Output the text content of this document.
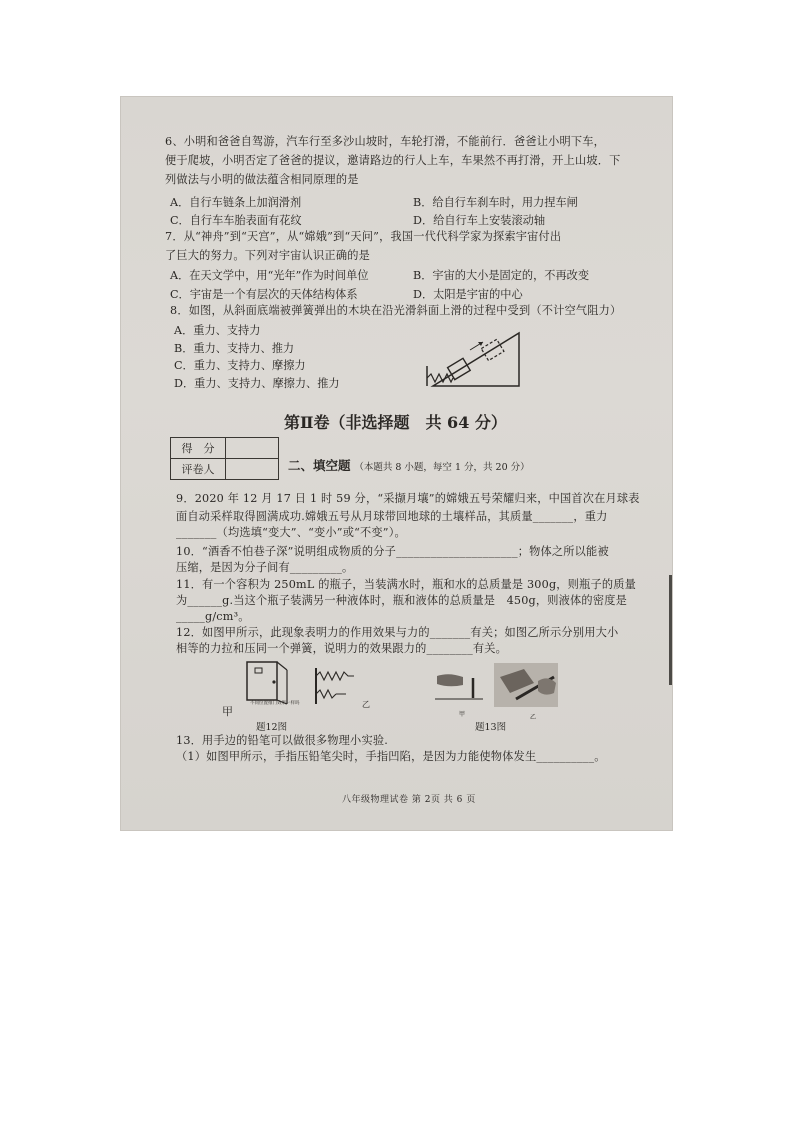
6、小明和爸爸自驾游，汽车行至多沙山坡时，车轮打滑，不能前行．爸爸让小明下车，
便于爬坡，小明否定了爸爸的提议，邀请路边的行人上车，车果然不再打滑，开上山坡．下
列做法与小明的做法蕴含相同原理的是
A．自行车链条上加润滑剂	B．给自行车刹车时，用力捏车闸
C．自行车车胎表面有花纹	D．给自行车上安装滚动轴
7．从“神舟”到“天宫”，从“嫦娥”到“天问”，我国一代代科学家为探索宇宙付出
了巨大的努力。下列对宇宙认识正确的是
A．在天文学中，用“光年”作为时间单位	B．宇宙的大小是固定的，不再改变
C．宇宙是一个有层次的天体结构体系	D．太阳是宇宙的中心
8．如图，从斜面底端被弹簧弹出的木块在沿光滑斜面上滑的过程中受到（不计空气阻力）
A．重力、支持力
B．重力、支持力、推力
C．重力、支持力、摩擦力
D．重力、支持力、摩擦力、推力
第Ⅱ卷（非选择题　共 64 分）
得　分	
评卷人		二、填空题 （本题共 8 小题，每空 1 分，共 20 分）
9．2020 年 12 月 17 日 1 时 59 分，“采撷月壤”的嫦娥五号荣耀归来，中国首次在月球表
面自动采样取得圆满成功.嫦娥五号从月球带回地球的土壤样品，其质量_______，重力
_______（均选填“变大”、“变小”或“不变”）。
10．“酒香不怕巷子深”说明组成物质的分子_____________________；物体之所以能被
压缩，是因为分子间有_________。
11．有一个容积为 250mL 的瓶子，当装满水时，瓶和水的总质量是 300g，则瓶子的质量
为______g.当这个瓶子装满另一种液体时，瓶和液体的总质量是　450g，则液体的密度是
_____g/cm³。
12．如图甲所示，此现象表明力的作用效果与力的_______有关；如图乙所示分别用大小
相等的力拉和压同一个弹簧，说明力的效果跟力的________有关。
甲
不同位置推门效果一样吗	乙
题12图
甲	乙
题13图
13．用手边的铅笔可以做很多物理小实验.
（1）如图甲所示，手指压铅笔尖时，手指凹陷，是因为力能使物体发生__________。
八年级物理试卷 第 2页 共 6 页
